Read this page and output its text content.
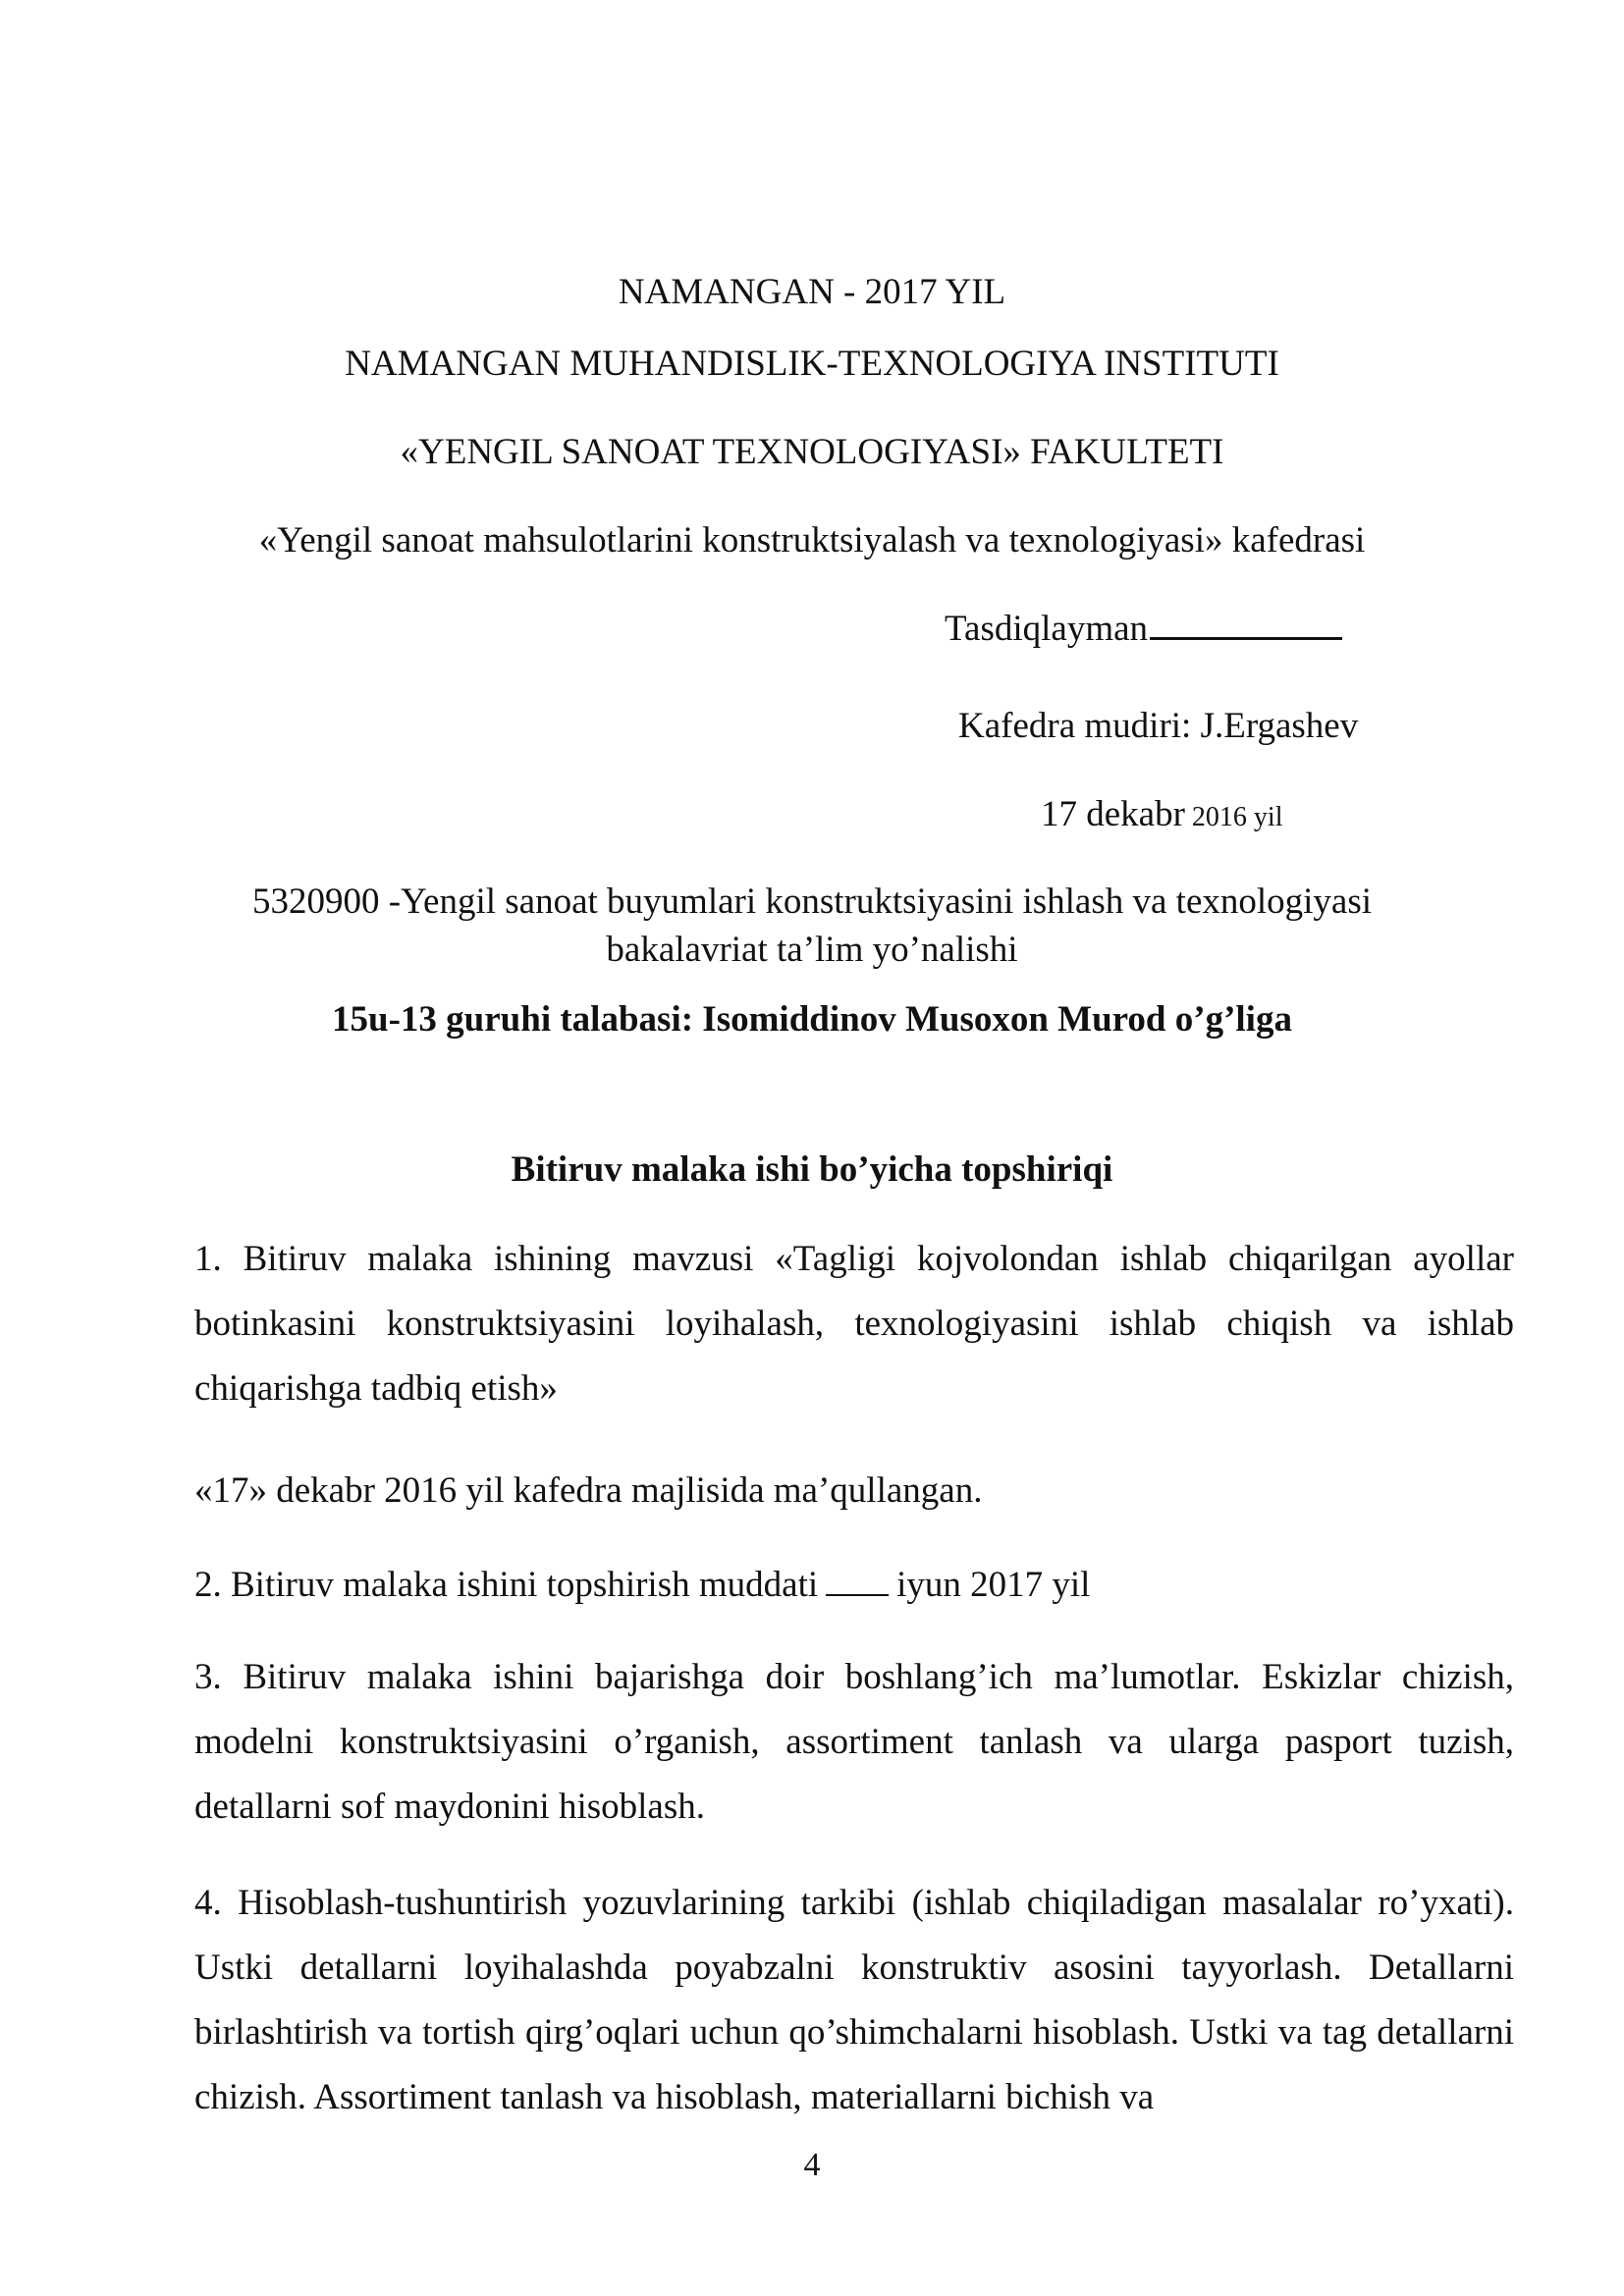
NAMANGAN - 2017 YIL
NAMANGAN MUHANDISLIK-TEXNOLOGIYA INSTITUTI
«YENGIL SANOAT TEXNOLOGIYASI» FAKULTETI
«Yengil sanoat mahsulotlarini konstruktsiyalash va texnologiyasi» kafedrasi
Tasdiqlayman
Kafedra mudiri: J.Ergashev
17 dekabr 2016 yil
5320900 -Yengil sanoat buyumlari konstruktsiyasini ishlash va texnologiyasi
bakalavriat ta’lim yo’nalishi
15u-13 guruhi talabasi: Isomiddinov Musoxon Murod o’g’liga
Bitiruv malaka ishi bo’yicha topshiriqi
1. Bitiruv malaka ishining mavzusi «Taglіgi kojvolondan ishlab chiqarilgan ayollar botinkasini konstruktsiyasini loyihalash, texnologiyasini ishlab chiqish va ishlab chiqarishga tadbiq etish»
«17» dekabr 2016 yil kafedra majlisida ma’qullangan.
2. Bitiruv malaka ishini topshirish muddati iyun 2017 yil
3. Bitiruv malaka ishini bajarishga doir boshlang’ich ma’lumotlar. Eskizlar chizish, modelni konstruktsiyasini o’rganish, assortiment tanlash va ularga pasport tuzish, detallarni sof maydonini hisoblash.
4. Hisoblash-tushuntirish yozuvlarining tarkibi (ishlab chiqiladigan masalalar ro’yxati). Ustki detallarni loyihalashda poyabzalni konstruktiv asosini tayyorlash. Detallarni birlashtirish va tortish qirg’oqlari uchun qo’shimchalarni hisoblash. Ustki va tag detallarni chizish. Assortiment tanlash va hisoblash, materiallarni bichish va
4
